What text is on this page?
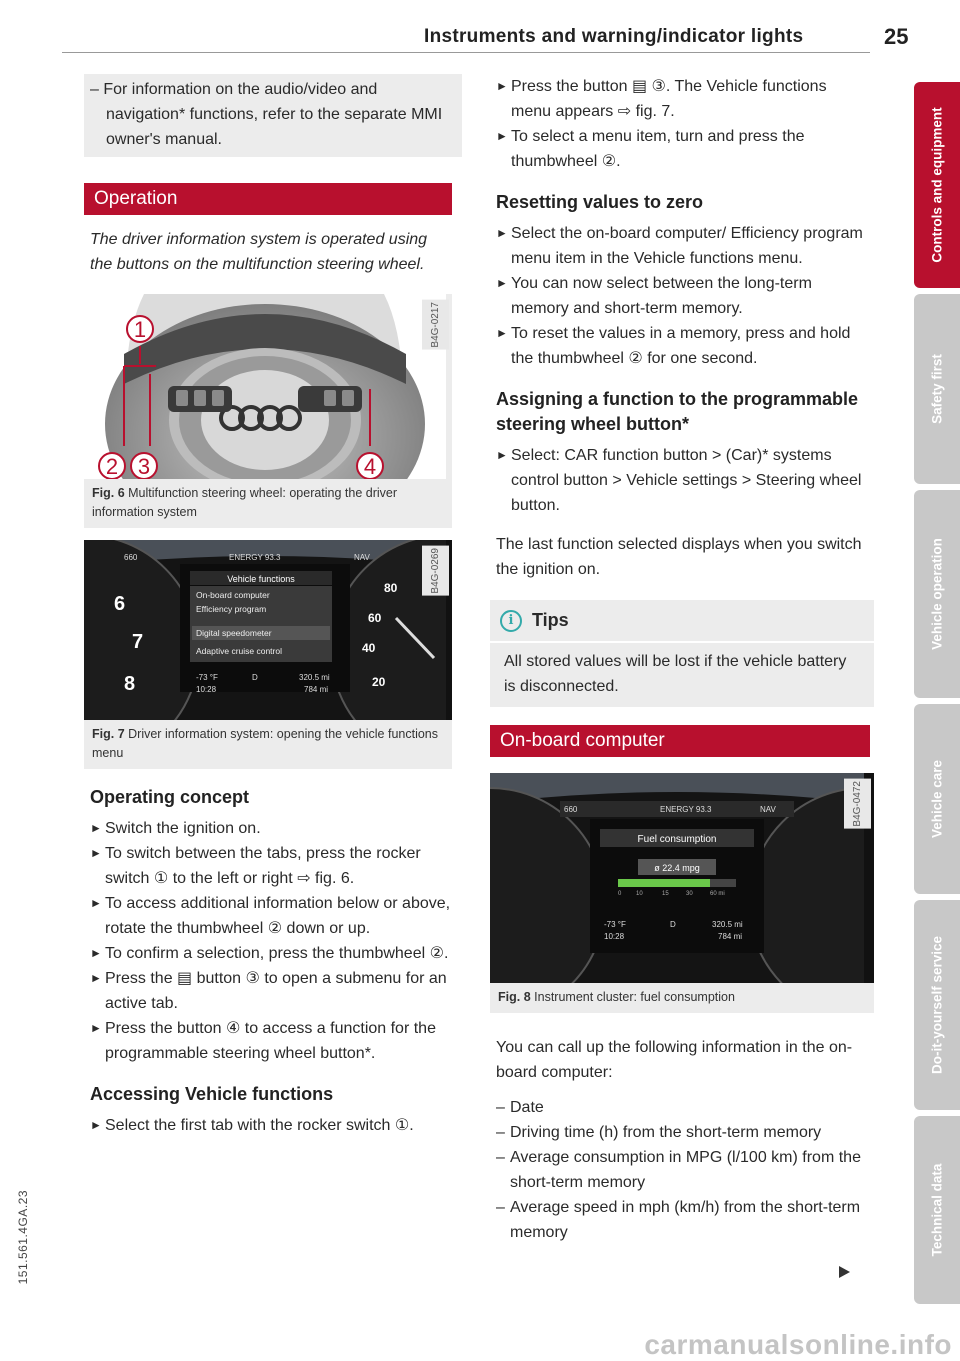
Instruments and warning/indicator lights	25

– For information on the audio/video and navigation* functions, refer to the separate MMI owner's manual.

Operation

The driver information system is operated using the buttons on the multifunction steering wheel.

1
2 3	4
B4G-0217
Fig. 6 Multifunction steering wheel: operating the driver information system
660	ENERGY 93.3	NAV
Vehicle functions
On-board computer
Efficiency program
Digital speedometer
Adaptive cruise control
-73 °F
10:28
D	320.5 mi
784 mi
6
7
8
80
60
40
20
B4G-0269
Fig. 7 Driver information system: opening the vehicle functions menu
Operating concept

► Switch the ignition on.

► To switch between the tabs, press the rocker switch ① to the left or right ⇨ fig. 6.

► To access additional information below or above, rotate the thumbwheel ② down or up.

► To confirm a selection, press the thumbwheel ②.

► Press the ▤ button ③ to open a submenu for an active tab.

► Press the button ④ to access a function for the programmable steering wheel button*.

Accessing Vehicle functions

► Select the first tab with the rocker switch ①.

► Press the button ▤ ③. The Vehicle functions menu appears ⇨ fig. 7.

► To select a menu item, turn and press the thumbwheel ②.

Resetting values to zero

► Select the on-board computer/ Efficiency program menu item in the Vehicle functions menu.

► You can now select between the long-term memory and short-term memory.

► To reset the values in a memory, press and hold the thumbwheel ② for one second.

Assigning a function to the programmable steering wheel button*

► Select: CAR function button > (Car)* systems control button > Vehicle settings > Steering wheel button.

The last function selected displays when you switch the ignition on.

i	Tips
All stored values will be lost if the vehicle battery is disconnected.
On-board computer
660	ENERGY 93.3	NAV
Fuel consumption
ø 22.4 mpg
0 10	15	30	60 mi
-73 °F
10:28
D	320.5 mi
784 mi
B4G-0472
Fig. 8 Instrument cluster: fuel consumption

You can call up the following information in the on-board computer:

– Date

– Driving time (h) from the short-term memory

– Average consumption in MPG (l/100 km) from the short-term memory

– Average speed in mph (km/h) from the short-term memory

Controls and equipment
Safety first
Vehicle operation
Vehicle care
Do-it-yourself service
Technical data
151.561.4GA.23
carmanualsonline.info
